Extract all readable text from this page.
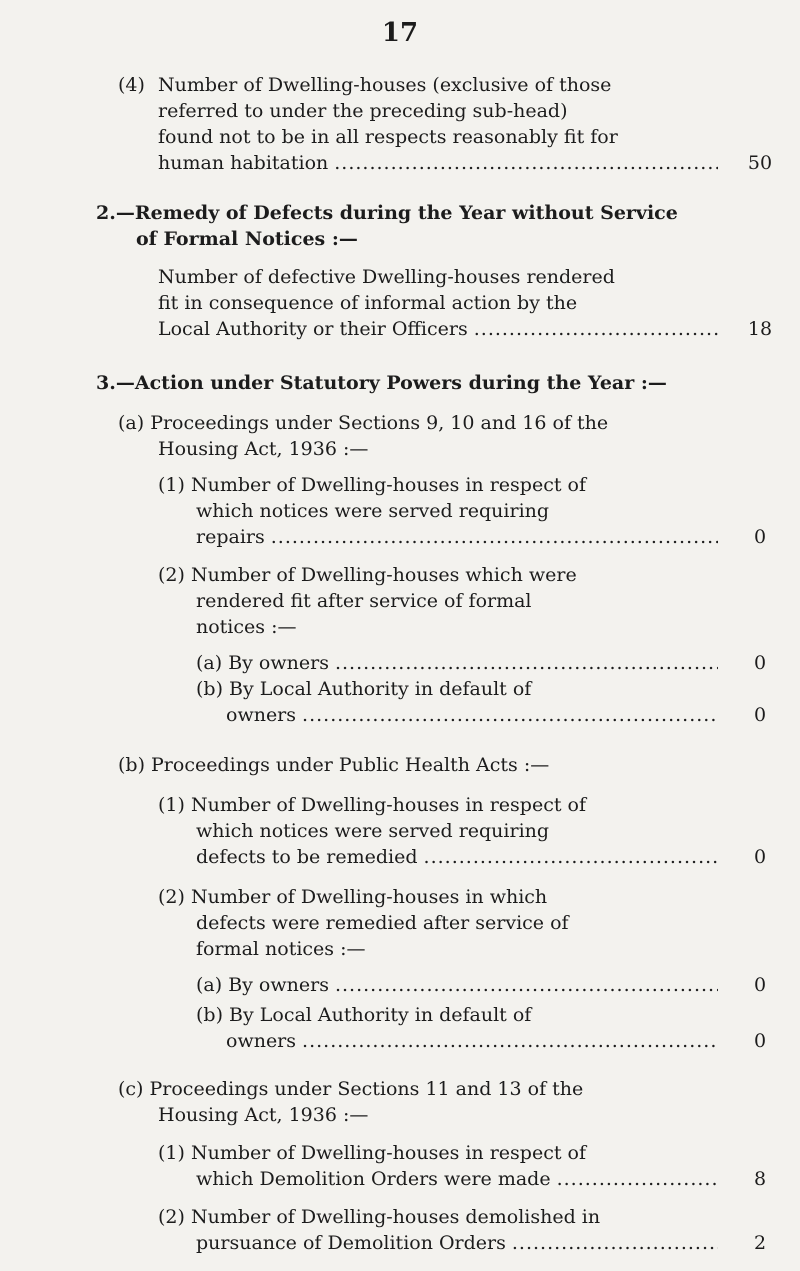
17
(4) Number of Dwelling-houses (exclusive of those
referred to under the preceding sub-head)
found not to be in all respects reasonably fit for
human habitation .....	50
2.—Remedy of Defects during the Year without Service
of Formal Notices :—
Number of defective Dwelling-houses rendered
fit in consequence of informal action by the
Local Authority or their Officers .....	18
3.—Action under Statutory Powers during the Year :—
(a) Proceedings under Sections 9, 10 and 16 of the
Housing Act, 1936 :—
(1) Number of Dwelling-houses in respect of
which notices were served requiring
repairs .....	0
(2) Number of Dwelling-houses which were
rendered fit after service of formal
notices :—
(a) By owners .....	0
(b) By Local Authority in default of
owners .....	0
(b) Proceedings under Public Health Acts :—
(1) Number of Dwelling-houses in respect of
which notices were served requiring
defects to be remedied .....	0
(2) Number of Dwelling-houses in which
defects were remedied after service of
formal notices :—
(a) By owners .....	0
(b) By Local Authority in default of
owners .....	0
(c) Proceedings under Sections 11 and 13 of the
Housing Act, 1936 :—
(1) Number of Dwelling-houses in respect of
which Demolition Orders were made .....	8
(2) Number of Dwelling-houses demolished in
pursuance of Demolition Orders .....	2
